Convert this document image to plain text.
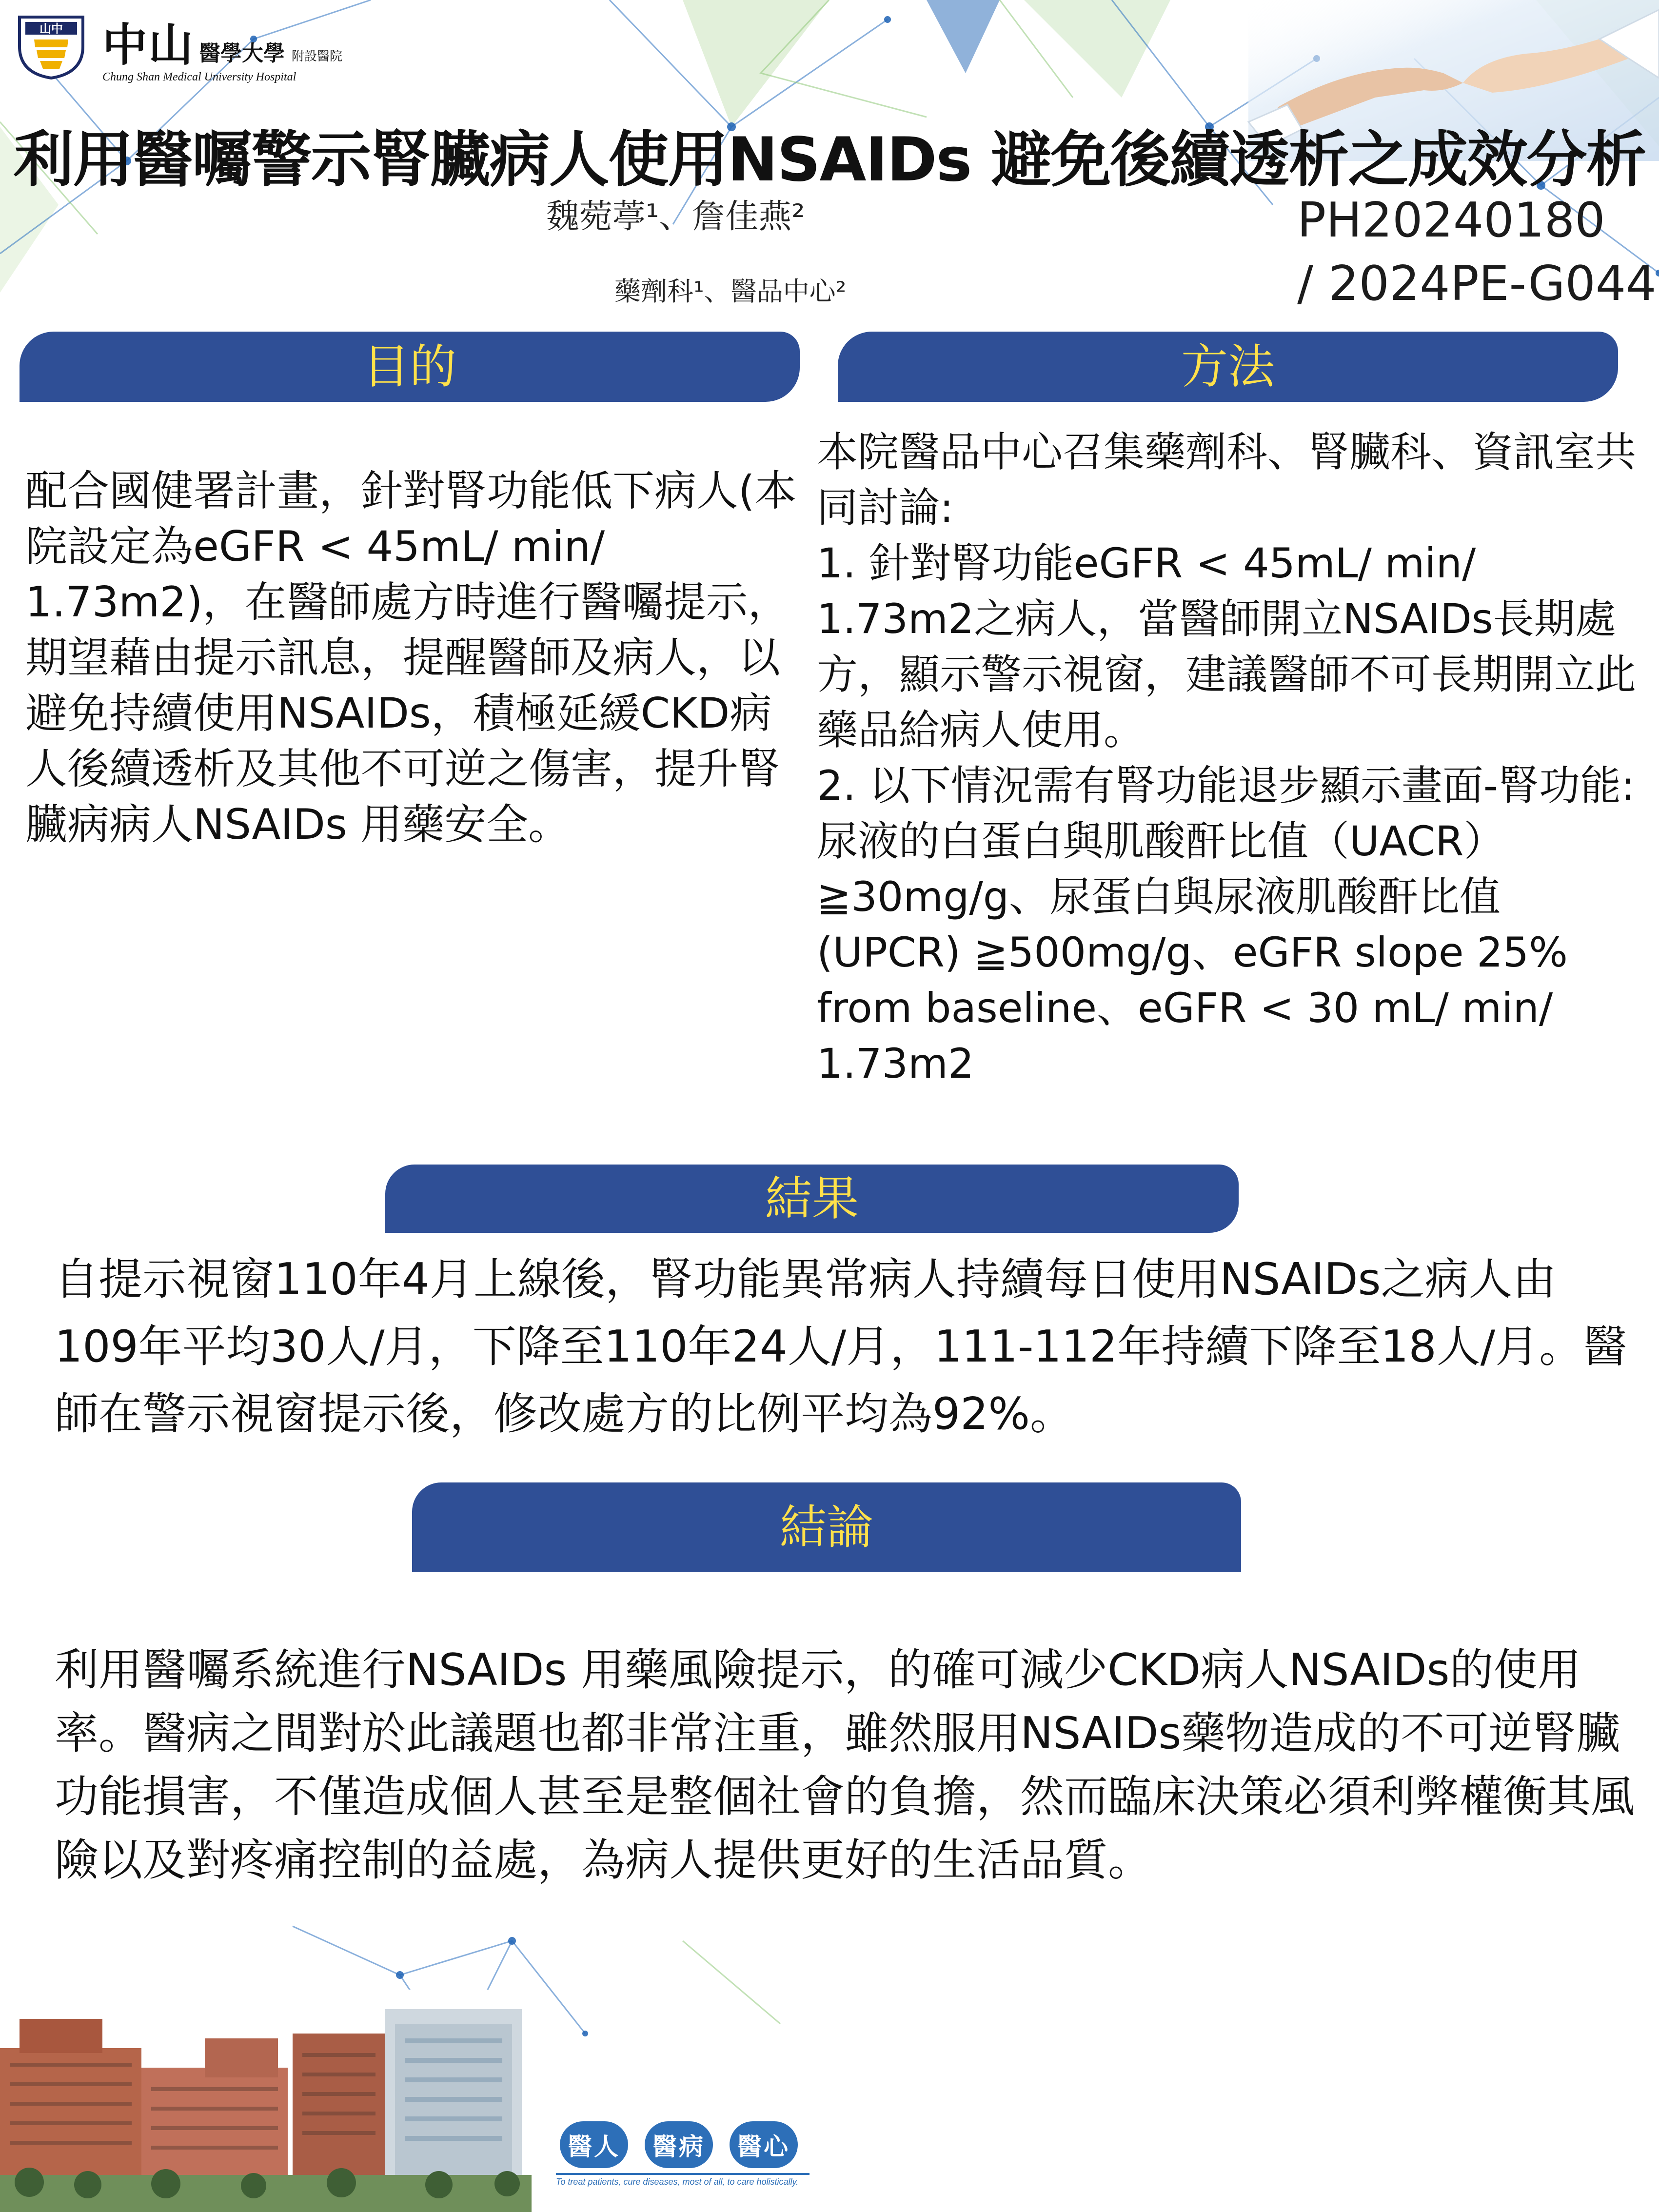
山中 中山 醫學大學 附設醫院
Chung Shan Medical University Hospital
利用醫囑警示腎臟病人使用NSAIDs 避免後續透析之成效分析
魏菀葶¹、詹佳燕²
藥劑科¹、醫品中心²
PH20240180
/ 2024PE-G044
目的
配合國健署計畫，針對腎功能低下病人(本院設定為eGFR < 45mL/ min/ 1.73m2)，在醫師處方時進行醫囑提示，期望藉由提示訊息，提醒醫師及病人，以避免持續使用NSAIDs，積極延緩CKD病人後續透析及其他不可逆之傷害，提升腎臟病病人NSAIDs 用藥安全。
方法
本院醫品中心召集藥劑科、腎臟科、資訊室共同討論:
1. 針對腎功能eGFR < 45mL/ min/ 1.73m2之病人，當醫師開立NSAIDs長期處方，顯示警示視窗，建議醫師不可長期開立此藥品給病人使用。
2. 以下情況需有腎功能退步顯示畫面-腎功能:尿液的白蛋白與肌酸酐比值（UACR）≧30mg/g、尿蛋白與尿液肌酸酐比值(UPCR) ≧500mg/g、eGFR slope 25% from baseline、eGFR < 30 mL/ min/ 1.73m2
結果
自提示視窗110年4月上線後，腎功能異常病人持續每日使用NSAIDs之病人由109年平均30人/月，下降至110年24人/月，111-112年持續下降至18人/月。醫師在警示視窗提示後，修改處方的比例平均為92%。
結論
利用醫囑系統進行NSAIDs 用藥風險提示，的確可減少CKD病人NSAIDs的使用率。醫病之間對於此議題也都非常注重，雖然服用NSAIDs藥物造成的不可逆腎臟功能損害，不僅造成個人甚至是整個社會的負擔，然而臨床決策必須利弊權衡其風險以及對疼痛控制的益處，為病人提供更好的生活品質。
醫人	醫病	醫心
To treat patients, cure diseases, most of all, to care holistically.
